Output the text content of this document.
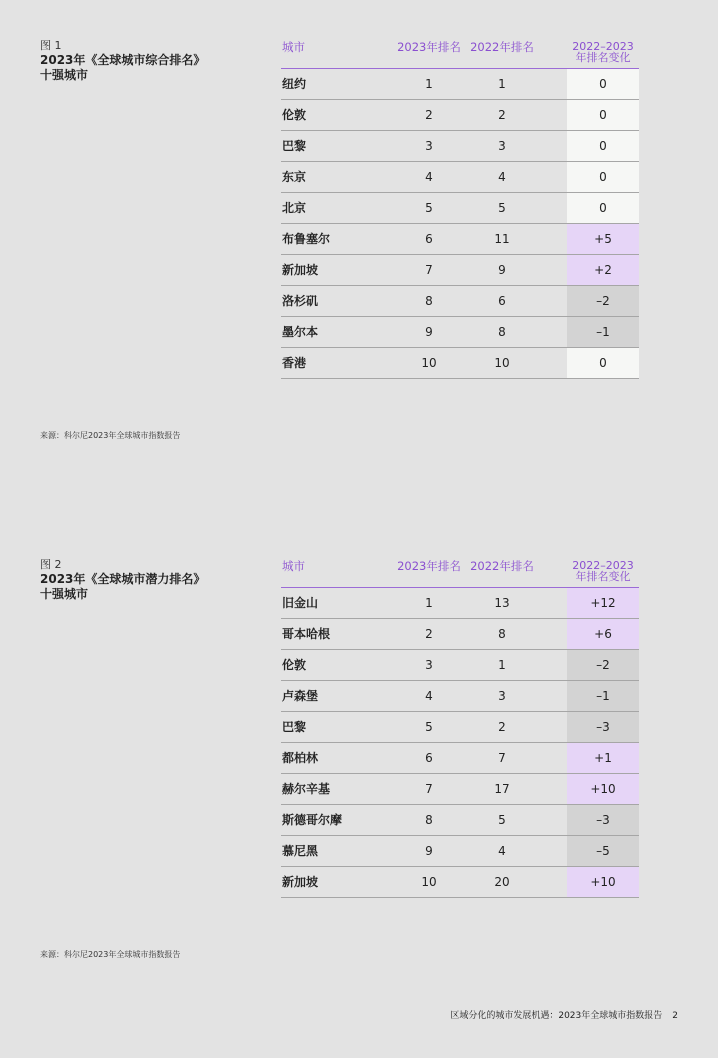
图 1
2023年《全球城市综合排名》
十强城市
城市	2023年排名 2022年排名	2022–2023
年排名变化
纽约	1	1	0
伦敦	2	2	0
巴黎	3	3	0
东京	4	4	0
北京	5	5	0
布鲁塞尔	6	11	+5
新加坡	7	9	+2
洛杉矶	8	6	–2
墨尔本	9	8	–1
香港	10	10	0
来源：科尔尼2023年全球城市指数报告
图 2
2023年《全球城市潜力排名》
十强城市
城市	2023年排名 2022年排名	2022–2023
年排名变化
旧金山	1	13	+12
哥本哈根	2	8	+6
伦敦	3	1	–2
卢森堡	4	3	–1
巴黎	5	2	–3
都柏林	6	7	+1
赫尔辛基	7	17	+10
斯德哥尔摩	8	5	–3
慕尼黑	9	4	–5
新加坡	10	20	+10
来源：科尔尼2023年全球城市指数报告
区域分化的城市发展机遇：2023年全球城市指数报告 2
